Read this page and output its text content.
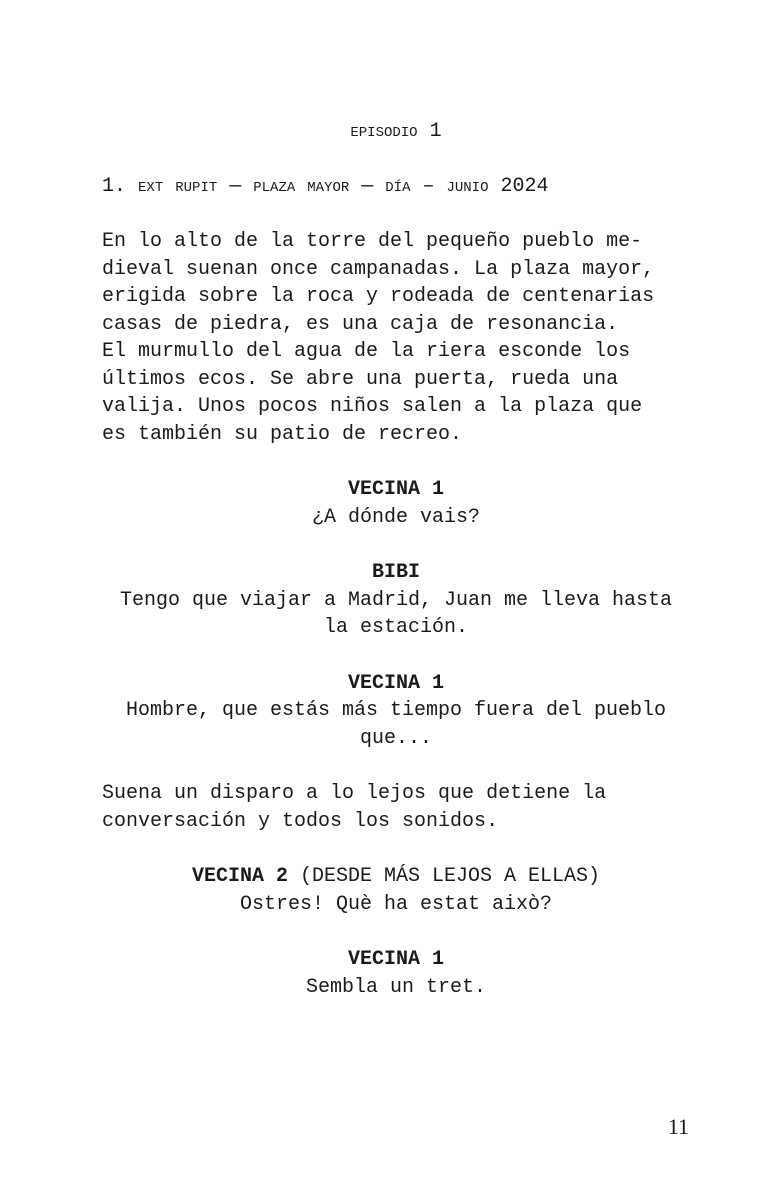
episodio 1
1. ext rupit — plaza mayor — día – junio 2024
En lo alto de la torre del pequeño pueblo me-
dieval suenan once campanadas. La plaza mayor,
erigida sobre la roca y rodeada de centenarias
casas de piedra, es una caja de resonancia.
El murmullo del agua de la riera esconde los
últimos ecos. Se abre una puerta, rueda una
valija. Unos pocos niños salen a la plaza que
es también su patio de recreo.
VECINA 1
¿A dónde vais?
BIBI
Tengo que viajar a Madrid, Juan me lleva hasta
la estación.
VECINA 1
Hombre, que estás más tiempo fuera del pueblo
que...
Suena un disparo a lo lejos que detiene la
conversación y todos los sonidos.
VECINA 2 (DESDE MÁS LEJOS A ELLAS)
Ostres! Què ha estat això?
VECINA 1
Sembla un tret.
11
